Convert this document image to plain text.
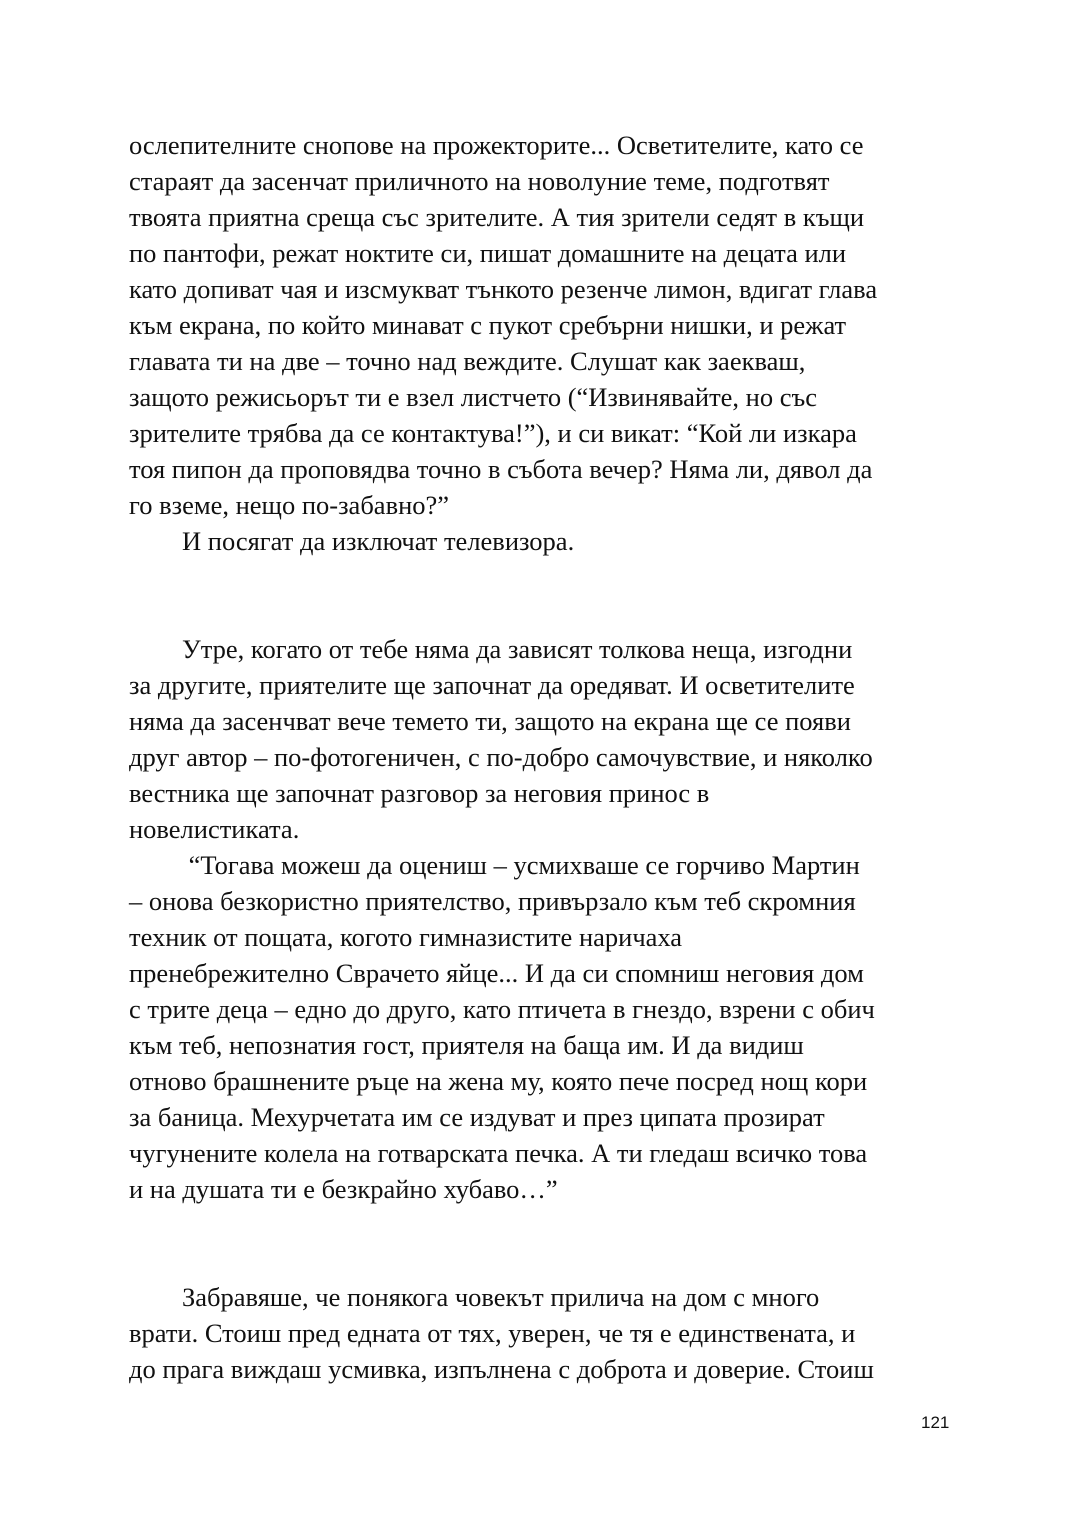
ослепителните снопове на прожекторите... Осветителите, като се
стараят да засенчат приличното на новолуние теме, подготвят
твоята приятна среща със зрителите. А тия зрители седят в къщи
по пантофи, режат ноктите си, пишат домашните на децата или
като допиват чая и изсмукват тънкото резенче лимон, вдигат глава
към екрана, по който минават с пукот сребърни нишки, и режат
главата ти на две – точно над веждите. Слушат как заекваш,
защото режисьорът ти е взел листчето (“Извинявайте, но със
зрителите трябва да се контактува!”), и си викат: “Кой ли изкара
тоя пипон да проповядва точно в събота вечер? Няма ли, дявол да
го вземе, нещо по-забавно?”

И посягат да изключат телевизора.

Утре, когато от тебе няма да зависят толкова неща, изгодни
за другите, приятелите ще започнат да оредяват. И осветителите
няма да засенчват вече темето ти, защото на екрана ще се появи
друг автор – по-фотогеничен, с по-добро самочувствие, и няколко
вестника ще започнат разговор за неговия принос в
новелистиката.

“Тогава можеш да оцениш – усмихваше се горчиво Мартин
– онова безкористно приятелство, привързало към теб скромния
техник от пощата, когото гимназистите наричаха
пренебрежително Сврачето яйце... И да си спомниш неговия дом
с трите деца – едно до друго, като птичета в гнездо, взрени с обич
към теб, непознатия гост, приятеля на баща им. И да видиш
отново брашнените ръце на жена му, която пече посред нощ кори
за баница. Мехурчетата им се издуват и през ципата прозират
чугунените колела на готварската печка. А ти гледаш всичко това
и на душата ти е безкрайно хубаво…”

Забравяше, че понякога човекът прилича на дом с много
врати. Стоиш пред едната от тях, уверен, че тя е единствената, и
до прага виждаш усмивка, изпълнена с доброта и доверие. Стоиш

121
